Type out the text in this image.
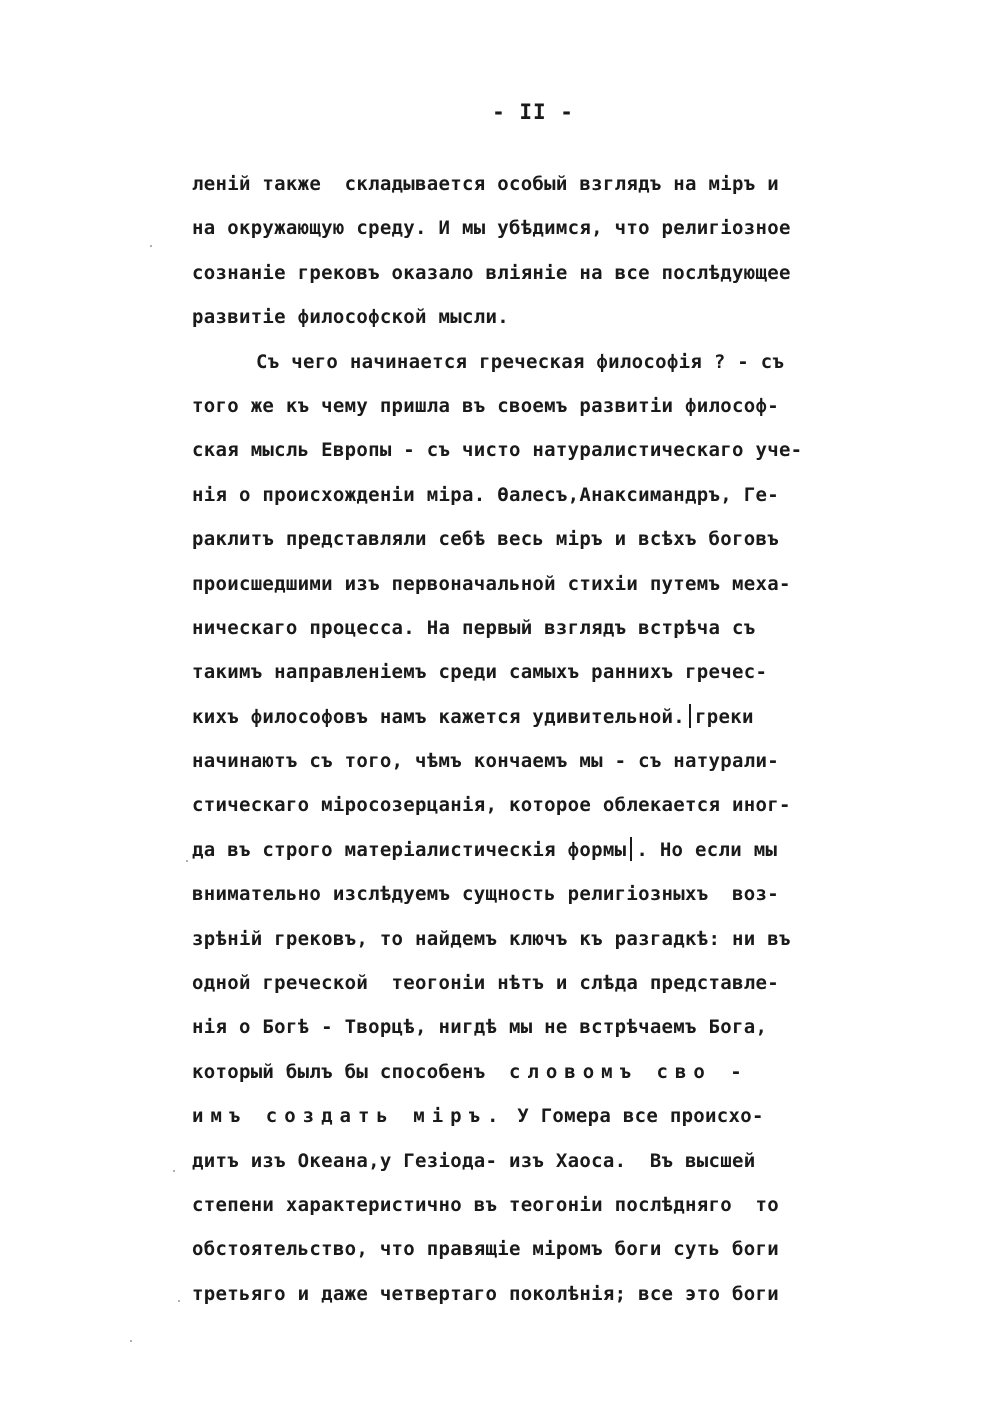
- II -
леній также  складывается особый взглядъ на міръ и
на окружающую среду. И мы убѣдимся, что религіозное
сознаніе грековъ оказало вліяніе на все послѣдующее
развитіе философской мысли.
Съ чего начинается греческая философія ? - съ
того же къ чему пришла въ своемъ развитіи философ-
ская мысль Европы - съ чисто натуралистическаго уче-
нія о происхожденіи міра. Өалесъ,Анаксимандръ, Ге-
раклитъ представляли себѣ весь міръ и всѣхъ боговъ
происшедшими изъ первоначальной стихіи путемъ меха-
ническаго процесса. На первый взглядъ встрѣча съ
такимъ направленіемъ среди самыхъ раннихъ гречес-
кихъ философовъ намъ кажется удивительной. греки
начинаютъ съ того, чѣмъ кончаемъ мы - съ натурали-
стическаго міросозерцанія, которое облекается иног-
да въ строго матеріалистическія формы . Но если мы
внимательно изслѣдуемъ сущность религіозныхъ  воз-
зрѣній грековъ, то найдемъ ключъ къ разгадкѣ: ни въ
одной греческой  теогоніи нѣтъ и слѣда представле-
нія о Богѣ - Творцѣ, нигдѣ мы не встрѣчаемъ Бога,
который былъ бы способенъ словомъ сво -
имъ создать міръ. У Гомера все происхо-
дитъ изъ Океана,у Гезіода- изъ Хаоса.  Въ высшей
степени характеристично въ теогоніи послѣдняго  то
обстоятельство, что правящіе міромъ боги суть боги
третьяго и даже четвертаго поколѣнія; все это боги
